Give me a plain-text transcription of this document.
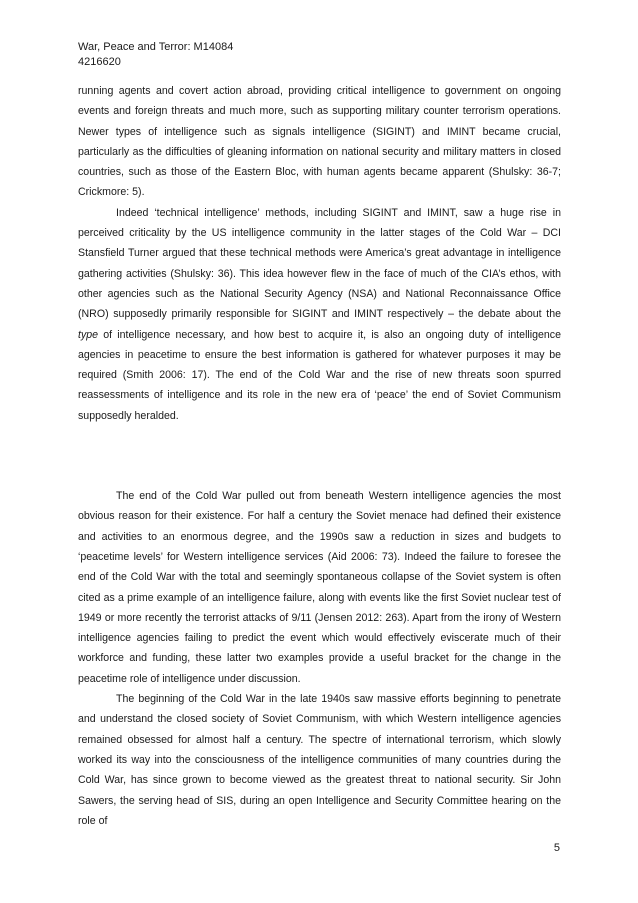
War, Peace and Terror: M14084
4216620

running agents and covert action abroad, providing critical intelligence to government on ongoing events and foreign threats and much more, such as supporting military counter terrorism operations. Newer types of intelligence such as signals intelligence (SIGINT) and IMINT became crucial, particularly as the difficulties of gleaning information on national security and military matters in closed countries, such as those of the Eastern Bloc, with human agents became apparent (Shulsky: 36-7; Crickmore: 5).

Indeed ‘technical intelligence’ methods, including SIGINT and IMINT, saw a huge rise in perceived criticality by the US intelligence community in the latter stages of the Cold War – DCI Stansfield Turner argued that these technical methods were America’s great advantage in intelligence gathering activities (Shulsky: 36). This idea however flew in the face of much of the CIA’s ethos, with other agencies such as the National Security Agency (NSA) and National Reconnaissance Office (NRO) supposedly primarily responsible for SIGINT and IMINT respectively – the debate about the type of intelligence necessary, and how best to acquire it, is also an ongoing duty of intelligence agencies in peacetime to ensure the best information is gathered for whatever purposes it may be required (Smith 2006: 17). The end of the Cold War and the rise of new threats soon spurred reassessments of intelligence and its role in the new era of ‘peace’ the end of Soviet Communism supposedly heralded.

The end of the Cold War pulled out from beneath Western intelligence agencies the most obvious reason for their existence. For half a century the Soviet menace had defined their existence and activities to an enormous degree, and the 1990s saw a reduction in sizes and budgets to ‘peacetime levels’ for Western intelligence services (Aid 2006: 73). Indeed the failure to foresee the end of the Cold War with the total and seemingly spontaneous collapse of the Soviet system is often cited as a prime example of an intelligence failure, along with events like the first Soviet nuclear test of 1949 or more recently the terrorist attacks of 9/11 (Jensen 2012: 263). Apart from the irony of Western intelligence agencies failing to predict the event which would effectively eviscerate much of their workforce and funding, these latter two examples provide a useful bracket for the change in the peacetime role of intelligence under discussion.

The beginning of the Cold War in the late 1940s saw massive efforts beginning to penetrate and understand the closed society of Soviet Communism, with which Western intelligence agencies remained obsessed for almost half a century. The spectre of international terrorism, which slowly worked its way into the consciousness of the intelligence communities of many countries during the Cold War, has since grown to become viewed as the greatest threat to national security. Sir John Sawers, the serving head of SIS, during an open Intelligence and Security Committee hearing on the role of

5
